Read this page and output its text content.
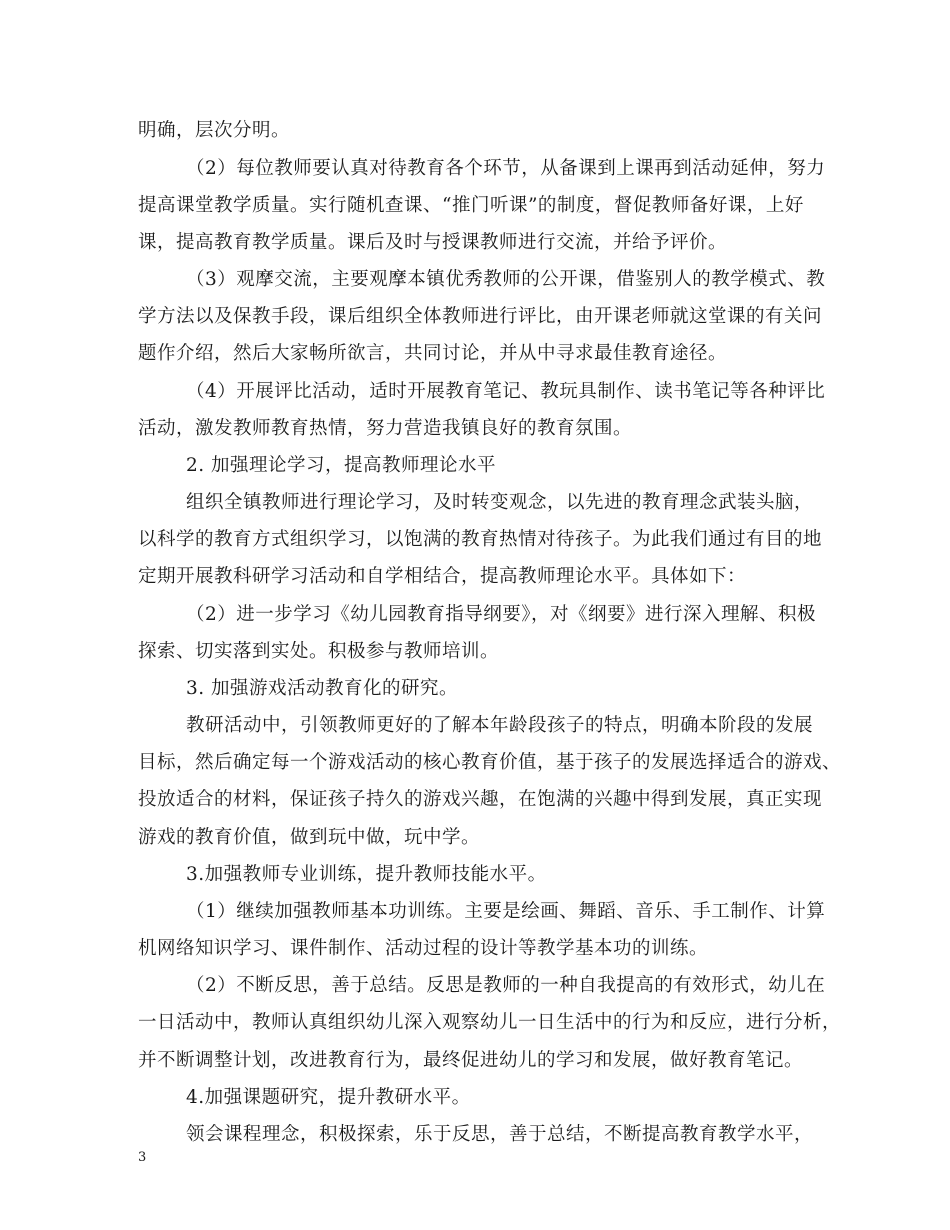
明确，层次分明。
（2）每位教师要认真对待教育各个环节，从备课到上课再到活动延伸，努力
提高课堂教学质量。实行随机查课、“推门听课”的制度，督促教师备好课，上好
课，提高教育教学质量。课后及时与授课教师进行交流，并给予评价。
（3）观摩交流，主要观摩本镇优秀教师的公开课，借鉴别人的教学模式、教
学方法以及保教手段，课后组织全体教师进行评比，由开课老师就这堂课的有关问
题作介绍，然后大家畅所欲言，共同讨论，并从中寻求最佳教育途径。
（4）开展评比活动，适时开展教育笔记、教玩具制作、读书笔记等各种评比
活动，激发教师教育热情，努力营造我镇良好的教育氛围。
2. 加强理论学习，提高教师理论水平
组织全镇教师进行理论学习，及时转变观念，以先进的教育理念武装头脑，
以科学的教育方式组织学习，以饱满的教育热情对待孩子。为此我们通过有目的地
定期开展教科研学习活动和自学相结合，提高教师理论水平。具体如下：
（2）进一步学习《幼儿园教育指导纲要》，对《纲要》进行深入理解、积极
探索、切实落到实处。积极参与教师培训。
3. 加强游戏活动教育化的研究。
教研活动中，引领教师更好的了解本年龄段孩子的特点，明确本阶段的发展
目标，然后确定每一个游戏活动的核心教育价值，基于孩子的发展选择适合的游戏、
投放适合的材料，保证孩子持久的游戏兴趣，在饱满的兴趣中得到发展，真正实现
游戏的教育价值，做到玩中做，玩中学。
3.加强教师专业训练，提升教师技能水平。
（1）继续加强教师基本功训练。主要是绘画、舞蹈、音乐、手工制作、计算
机网络知识学习、课件制作、活动过程的设计等教学基本功的训练。
（2）不断反思，善于总结。反思是教师的一种自我提高的有效形式，幼儿在
一日活动中，教师认真组织幼儿深入观察幼儿一日生活中的行为和反应，进行分析，
并不断调整计划，改进教育行为，最终促进幼儿的学习和发展，做好教育笔记。
4.加强课题研究，提升教研水平。
领会课程理念，积极探索，乐于反思，善于总结，不断提高教育教学水平，
3
